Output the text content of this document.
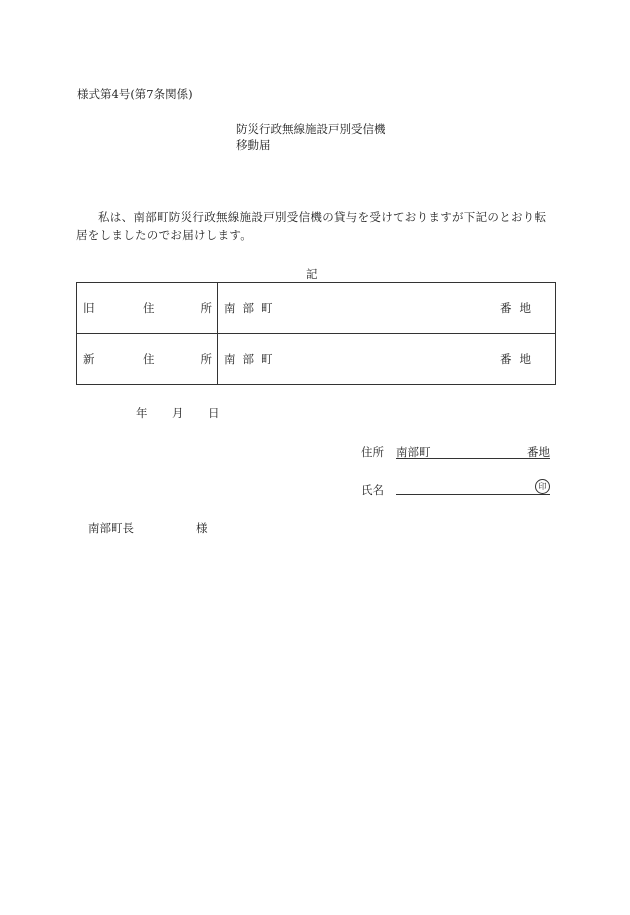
様式第4号(第7条関係)
防災行政無線施設戸別受信機
移動届
私は、南部町防災行政無線施設戸別受信機の貸与を受けておりますが下記のとおり転居をしましたのでお届けします。
記
旧 住 所	南部町 番地

新 住 所	南部町 番地
年 月 日
住所 南部町	番地
氏名	印
南部町長	様
